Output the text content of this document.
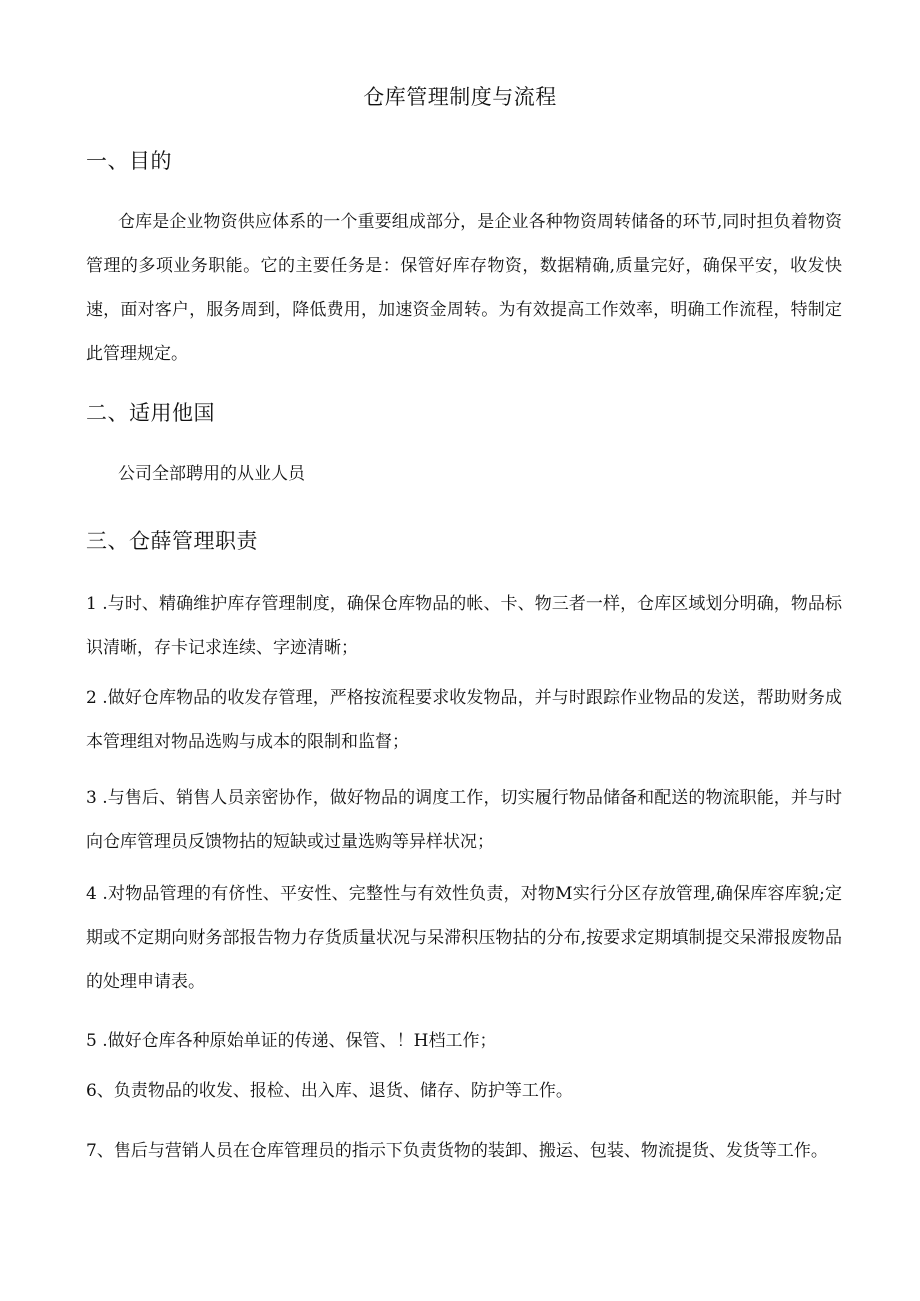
仓库管理制度与流程
一、目的

仓库是企业物资供应体系的一个重要组成部分，是企业各种物资周转储备的环节,同时担负着物资管理的多项业务职能。它的主要任务是：保管好库存物资，数据精确,质量完好，确保平安，收发快速，面对客户，服务周到，降低费用，加速资金周转。为有效提高工作效率，明确工作流程，特制定此管理规定。

二、适用他国
公司全部聘用的从业人员
三、仓薛管理职责

1 .与时、精确维护库存管理制度，确保仓库物品的帐、卡、物三者一样，仓库区域划分明确，物品标识清晰，存卡记求连续、字迹清晰；

2 .做好仓库物品的收发存管理，严格按流程要求收发物品，并与时跟踪作业物品的发送，帮助财务成本管理组对物品选购与成本的限制和监督；

3 .与售后、销售人员亲密协作，做好物品的调度工作，切实履行物品储备和配送的物流职能，并与时向仓库管理员反馈物拈的短缺或过量选购等异样状况；

4 .对物品管理的有侪性、平安性、完整性与有效性负责，对物M实行分区存放管理,确保库容库貌;定期或不定期向财务部报告物力存货质量状况与呆滞积压物拈的分布,按要求定期填制提交呆滞报废物品的处理申请表。

5 .做好仓库各种原始单证的传递、保管、！H档工作；

6、负责物品的收发、报检、出入库、退货、储存、防护等工作。

7、售后与营销人员在仓库管理员的指示下负责货物的装卸、搬运、包装、物流提货、发货等工作。
